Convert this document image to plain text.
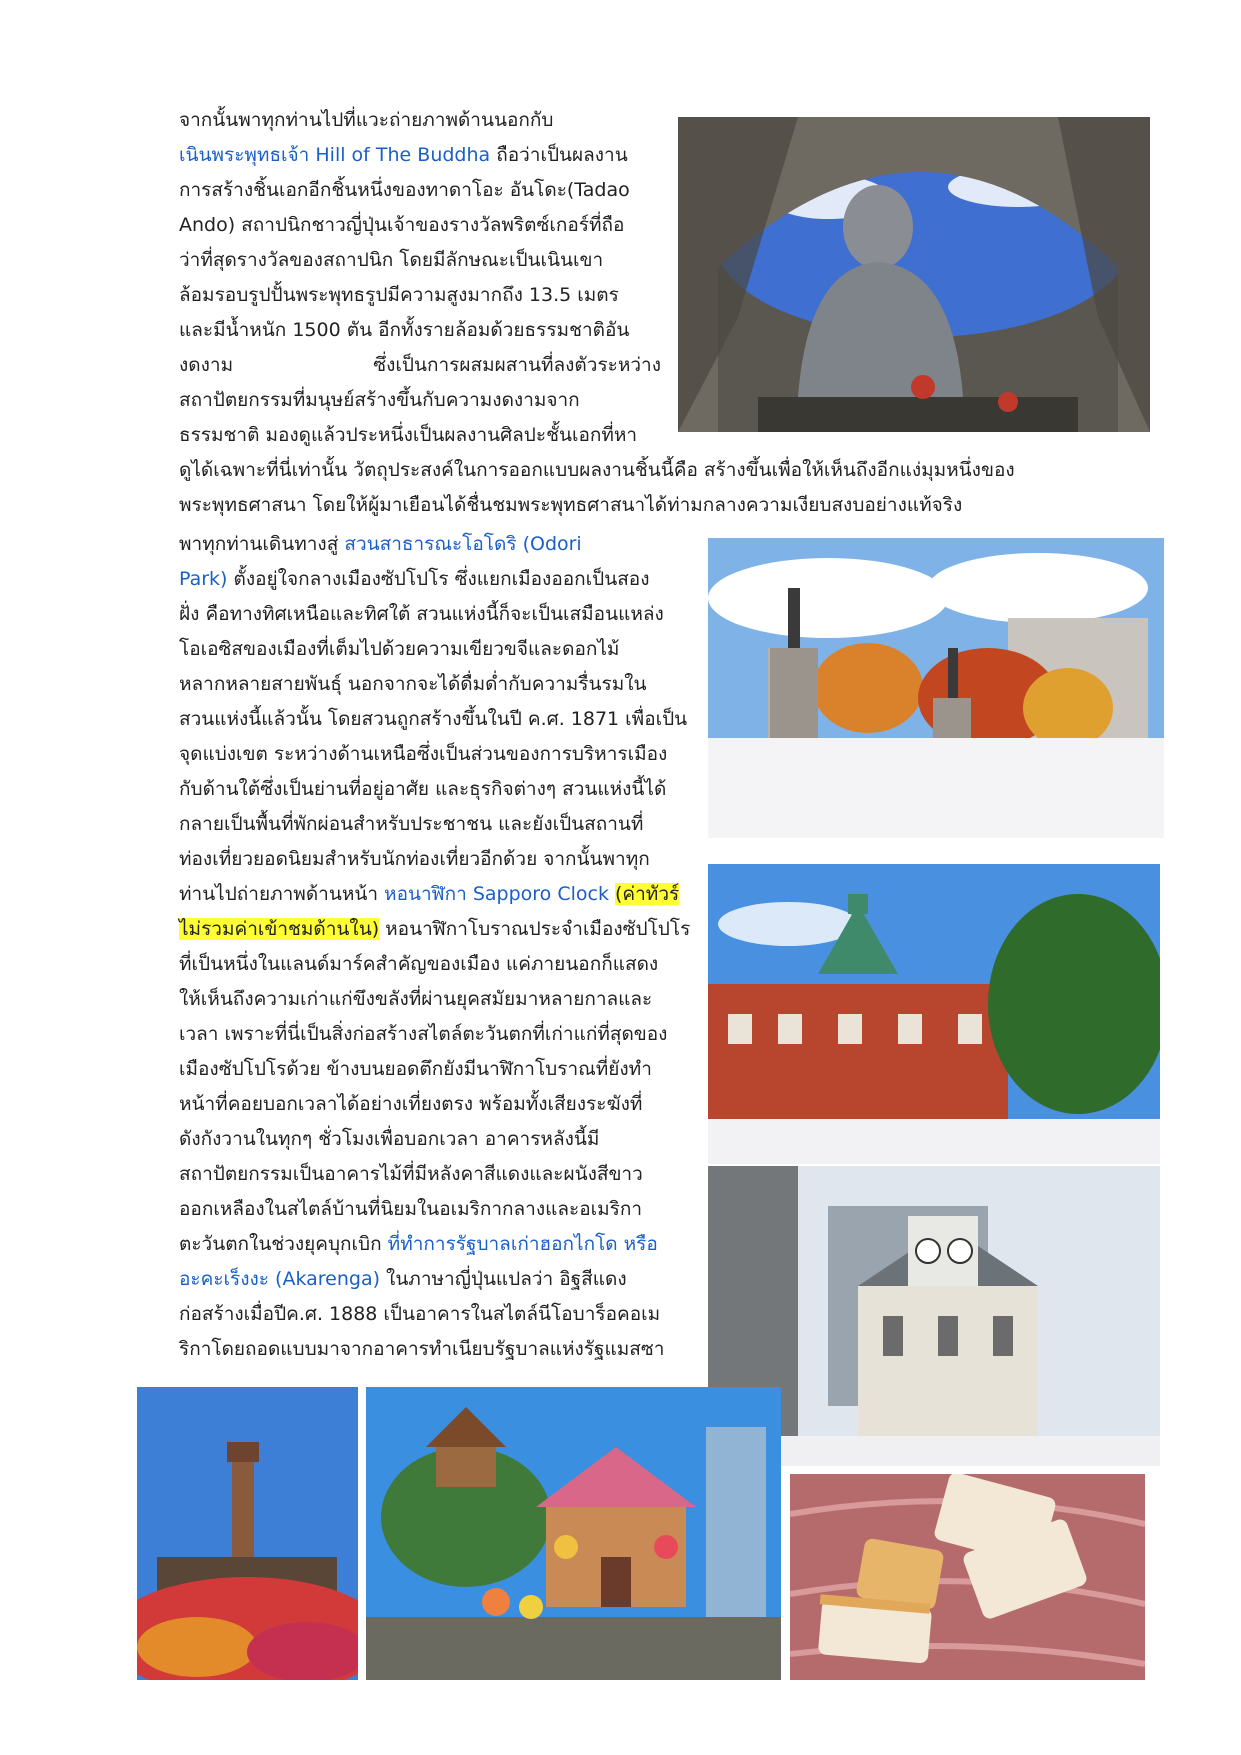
จากนั้นพาทุกท่านไปที่แวะถ่ายภาพด้านนอกกับ
เนินพระพุทธเจ้า Hill of The Buddha ถือว่าเป็นผลงาน
การสร้างชิ้นเอกอีกชิ้นหนึ่งของทาดาโอะ อันโดะ(Tadao
Ando) สถาปนิกชาวญี่ปุ่นเจ้าของรางวัลพริตซ์เกอร์ที่ถือ
ว่าที่สุดรางวัลของสถาปนิก โดยมีลักษณะเป็นเนินเขา
ล้อมรอบรูปปั้นพระพุทธรูปมีความสูงมากถึง 13.5 เมตร
และมีน้ำหนัก 1500 ตัน อีกทั้งรายล้อมด้วยธรรมชาติอัน
งดงาม ซึ่งเป็นการผสมผสานที่ลงตัวระหว่าง
สถาปัตยกรรมที่มนุษย์สร้างขึ้นกับความงดงามจาก
ธรรมชาติ มองดูแล้วประหนึ่งเป็นผลงานศิลปะชั้นเอกที่หา
ดูได้เฉพาะที่นี่เท่านั้น วัตถุประสงค์ในการออกแบบผลงานชิ้นนี้คือ สร้างขึ้นเพื่อให้เห็นถึงอีกแง่มุมหนึ่งของ
พระพุทธศาสนา โดยให้ผู้มาเยือนได้ชื่นชมพระพุทธศาสนาได้ท่ามกลางความเงียบสงบอย่างแท้จริง
พาทุกท่านเดินทางสู่ สวนสาธารณะโอโดริ (Odori
Park) ตั้งอยู่ใจกลางเมืองซัปโปโร ซึ่งแยกเมืองออกเป็นสอง
ฝั่ง คือทางทิศเหนือและทิศใต้ สวนแห่งนี้ก็จะเป็นเสมือนแหล่ง
โอเอซิสของเมืองที่เต็มไปด้วยความเขียวขจีและดอกไม้
หลากหลายสายพันธุ์ นอกจากจะได้ดื่มด่ำกับความรื่นรมใน
สวนแห่งนี้แล้วนั้น โดยสวนถูกสร้างขึ้นในปี ค.ศ. 1871 เพื่อเป็น
จุดแบ่งเขต ระหว่างด้านเหนือซึ่งเป็นส่วนของการบริหารเมือง
กับด้านใต้ซึ่งเป็นย่านที่อยู่อาศัย และธุรกิจต่างๆ สวนแห่งนี้ได้
กลายเป็นพื้นที่พักผ่อนสำหรับประชาชน และยังเป็นสถานที่
ท่องเที่ยวยอดนิยมสำหรับนักท่องเที่ยวอีกด้วย จากนั้นพาทุก
ท่านไปถ่ายภาพด้านหน้า หอนาฬิกา Sapporo Clock (ค่าทัวร์
ไม่รวมค่าเข้าชมด้านใน) หอนาฬิกาโบราณประจำเมืองซัปโปโร
ที่เป็นหนึ่งในแลนด์มาร์คสำคัญของเมือง แค่ภายนอกก็แสดง
ให้เห็นถึงความเก่าแก่ขึงขลังที่ผ่านยุคสมัยมาหลายกาลและ
เวลา เพราะที่นี่เป็นสิ่งก่อสร้างสไตล์ตะวันตกที่เก่าแก่ที่สุดของ
เมืองซัปโปโรด้วย ข้างบนยอดตึกยังมีนาฬิกาโบราณที่ยังทำ
หน้าที่คอยบอกเวลาได้อย่างเที่ยงตรง พร้อมทั้งเสียงระฆังที่
ดังกังวานในทุกๆ ชั่วโมงเพื่อบอกเวลา อาคารหลังนี้มี
สถาปัตยกรรมเป็นอาคารไม้ที่มีหลังคาสีแดงและผนังสีขาว
ออกเหลืองในสไตล์บ้านที่นิยมในอเมริกากลางและอเมริกา
ตะวันตกในช่วงยุคบุกเบิก ที่ทำการรัฐบาลเก่าฮอกไกโด หรือ
อะคะเร็งงะ (Akarenga) ในภาษาญี่ปุ่นแปลว่า อิฐสีแดง
ก่อสร้างเมื่อปีค.ศ. 1888 เป็นอาคารในสไตล์นีโอบาร็อคอเม
ริกาโดยถอดแบบมาจากอาคารทำเนียบรัฐบาลแห่งรัฐแมสซา
